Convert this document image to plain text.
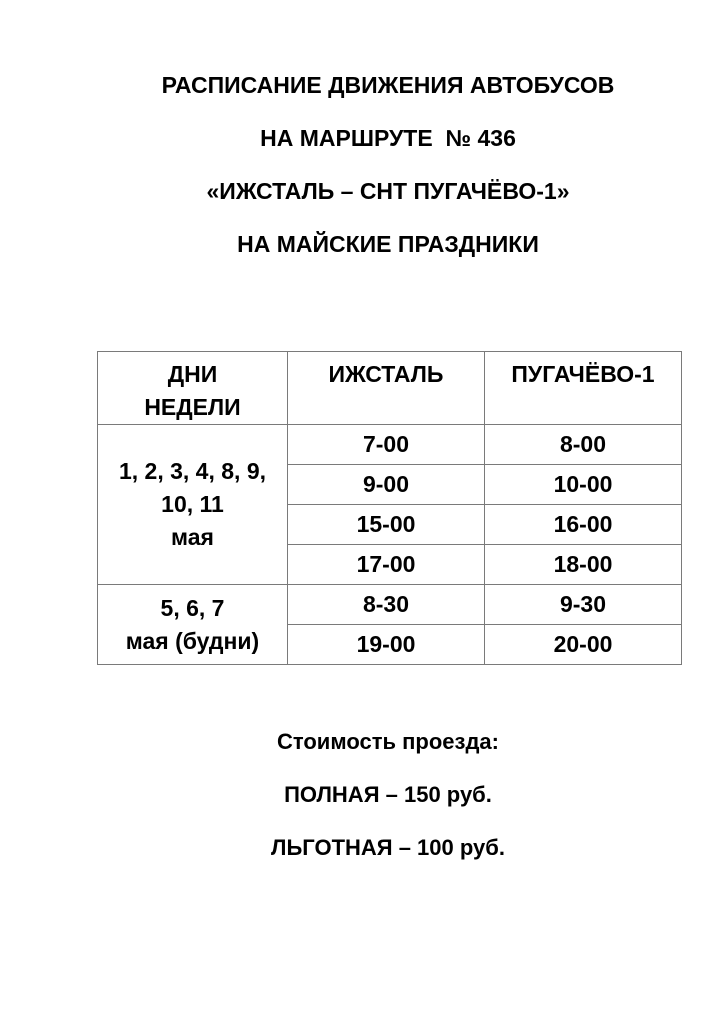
РАСПИСАНИЕ ДВИЖЕНИЯ АВТОБУСОВ
НА МАРШРУТЕ  № 436
«ИЖСТАЛЬ – СНТ ПУГАЧЁВО-1»
НА МАЙСКИЕ ПРАЗДНИКИ
ДНИ
НЕДЕЛИ	ИЖСТАЛЬ	ПУГАЧЁВО-1

1, 2, 3, 4, 8, 9,
10, 11
мая	7-00	8-00
	9-00	10-00
	15-00	16-00
	17-00	18-00

5, 6, 7
мая (будни)	8-30	9-30
	19-00	20-00
Стоимость проезда:
ПОЛНАЯ – 150 руб.
ЛЬГОТНАЯ – 100 руб.
